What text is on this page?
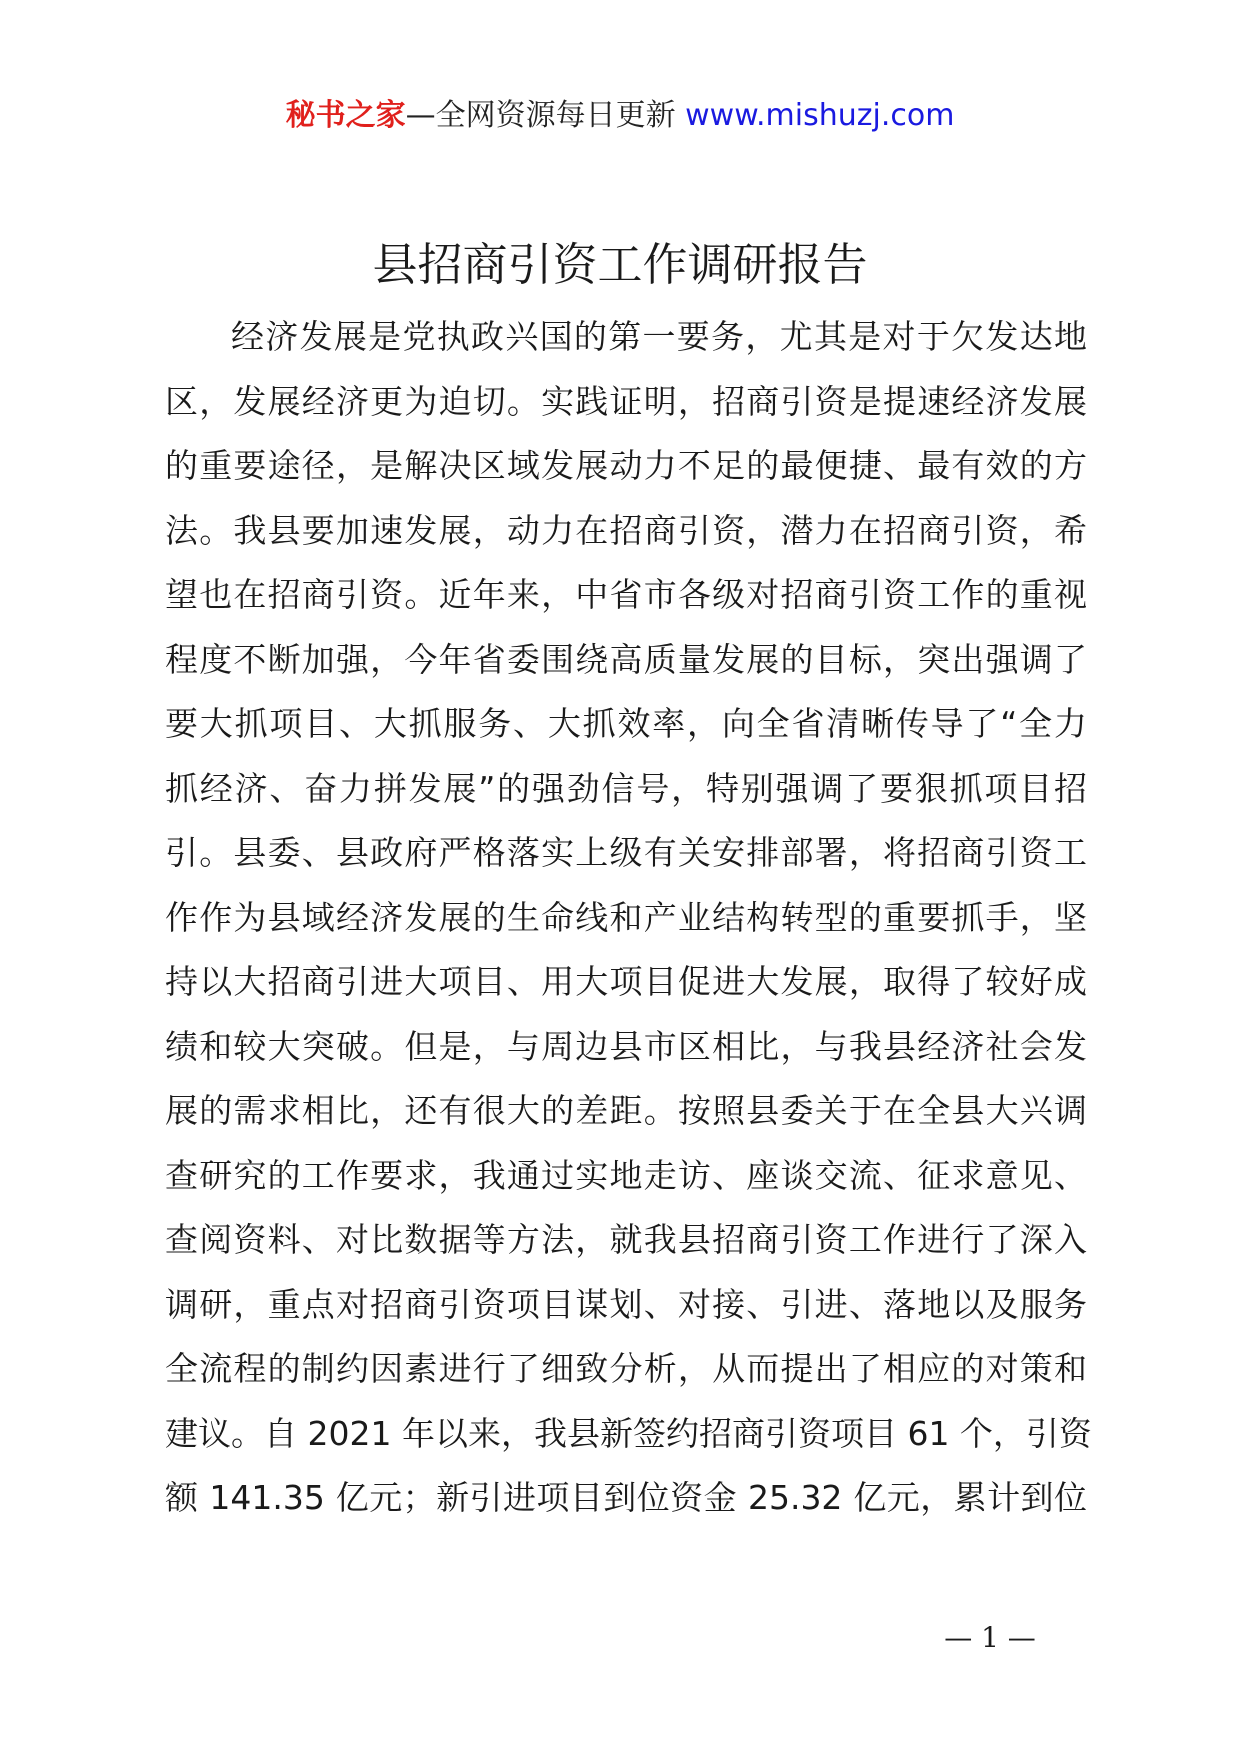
秘书之家—全网资源每日更新 www.mishuzj.com
县招商引资工作调研报告
经济发展是党执政兴国的第一要务，尤其是对于欠发达地
区，发展经济更为迫切。实践证明，招商引资是提速经济发展
的重要途径，是解决区域发展动力不足的最便捷、最有效的方
法。我县要加速发展，动力在招商引资，潜力在招商引资，希
望也在招商引资。近年来，中省市各级对招商引资工作的重视
程度不断加强，今年省委围绕高质量发展的目标，突出强调了
要大抓项目、大抓服务、大抓效率，向全省清晰传导了“全力
抓经济、奋力拼发展”的强劲信号，特别强调了要狠抓项目招
引。县委、县政府严格落实上级有关安排部署，将招商引资工
作作为县域经济发展的生命线和产业结构转型的重要抓手，坚
持以大招商引进大项目、用大项目促进大发展，取得了较好成
绩和较大突破。但是，与周边县市区相比，与我县经济社会发
展的需求相比，还有很大的差距。按照县委关于在全县大兴调
查研究的工作要求，我通过实地走访、座谈交流、征求意见、
查阅资料、对比数据等方法，就我县招商引资工作进行了深入
调研，重点对招商引资项目谋划、对接、引进、落地以及服务
全流程的制约因素进行了细致分析，从而提出了相应的对策和
建议。自 2021 年以来，我县新签约招商引资项目 61 个，引资
额 141.35 亿元；新引进项目到位资金 25.32 亿元，累计到位
— 1 —
